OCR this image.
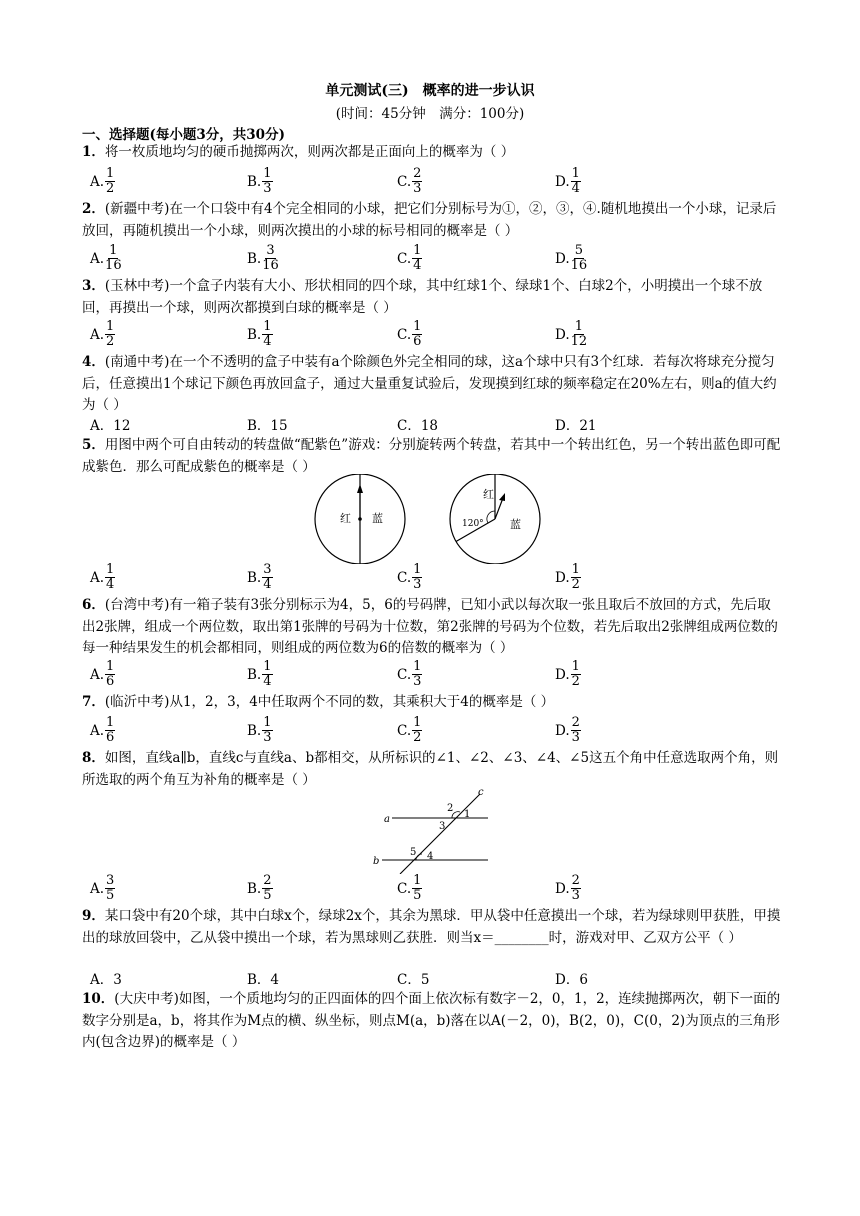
单元测试(三)　概率的进一步认识
(时间：45分钟　满分：100分)
一、选择题(每小题3分，共30分)
1．将一枚质地均匀的硬币抛掷两次，则两次都是正面向上的概率为（ ）
A. $\frac{1}{2}$	B. $\frac{1}{3}$	C. $\frac{2}{3}$	D. $\frac{1}{4}$
2．(新疆中考)在一个口袋中有4个完全相同的小球，把它们分别标号为①，②，③，④.随机地摸出一个小球，记录后放回，再随机摸出一个小球，则两次摸出的小球的标号相同的概率是（ ）
A. $\frac{1}{16}$	B. $\frac{3}{16}$	C. $\frac{1}{4}$	D. $\frac{5}{16}$
3．(玉林中考)一个盒子内装有大小、形状相同的四个球，其中红球1个、绿球1个、白球2个，小明摸出一个球不放回，再摸出一个球，则两次都摸到白球的概率是（ ）
A. $\frac{1}{2}$	B. $\frac{1}{4}$	C. $\frac{1}{6}$	D. $\frac{1}{12}$
4．(南通中考)在一个不透明的盒子中装有a个除颜色外完全相同的球，这a个球中只有3个红球．若每次将球充分搅匀后，任意摸出1个球记下颜色再放回盒子，通过大量重复试验后，发现摸到红球的频率稳定在20%左右，则a的值大约为（ ）
A．12	B．15	C．18	D．21
5．用图中两个可自由转动的转盘做“配紫色”游戏：分别旋转两个转盘，若其中一个转出红色，另一个转出蓝色即可配成紫色．那么可配成紫色的概率是（ ）
红 蓝
红
120° 蓝
A. $\frac{1}{4}$	B. $\frac{3}{4}$	C. $\frac{1}{3}$	D. $\frac{1}{2}$
6．(台湾中考)有一箱子装有3张分别标示为4，5，6的号码牌，已知小武以每次取一张且取后不放回的方式，先后取出2张牌，组成一个两位数，取出第1张牌的号码为十位数，第2张牌的号码为个位数，若先后取出2张牌组成两位数的每一种结果发生的机会都相同，则组成的两位数为6的倍数的概率为（ ）
A. $\frac{1}{6}$	B. $\frac{1}{4}$	C. $\frac{1}{3}$	D. $\frac{1}{2}$
7．(临沂中考)从1，2，3，4中任取两个不同的数，其乘积大于4的概率是（ ）
A. $\frac{1}{6}$	B. $\frac{1}{3}$	C. $\frac{1}{2}$	D. $\frac{2}{3}$
8．如图，直线a∥b，直线c与直线a、b都相交，从所标识的∠1、∠2、∠3、∠4、∠5这五个角中任意选取两个角，则所选取的两个角互为补角的概率是（ ）
a
b
c
1
2
3
4
5
A. $\frac{3}{5}$	B. $\frac{2}{5}$	C. $\frac{1}{5}$	D. $\frac{2}{3}$
9．某口袋中有20个球，其中白球x个，绿球2x个，其余为黑球．甲从袋中任意摸出一个球，若为绿球则甲获胜，甲摸出的球放回袋中，乙从袋中摸出一个球，若为黑球则乙获胜．则当x＝________时，游戏对甲、乙双方公平（ ）
A．3	B．4	C．5	D．6
10．(大庆中考)如图，一个质地均匀的正四面体的四个面上依次标有数字－2，0，1，2，连续抛掷两次，朝下一面的数字分别是a，b，将其作为M点的横、纵坐标，则点M(a，b)落在以A(－2，0)，B(2，0)，C(0，2)为顶点的三角形内(包含边界)的概率是（ ）
